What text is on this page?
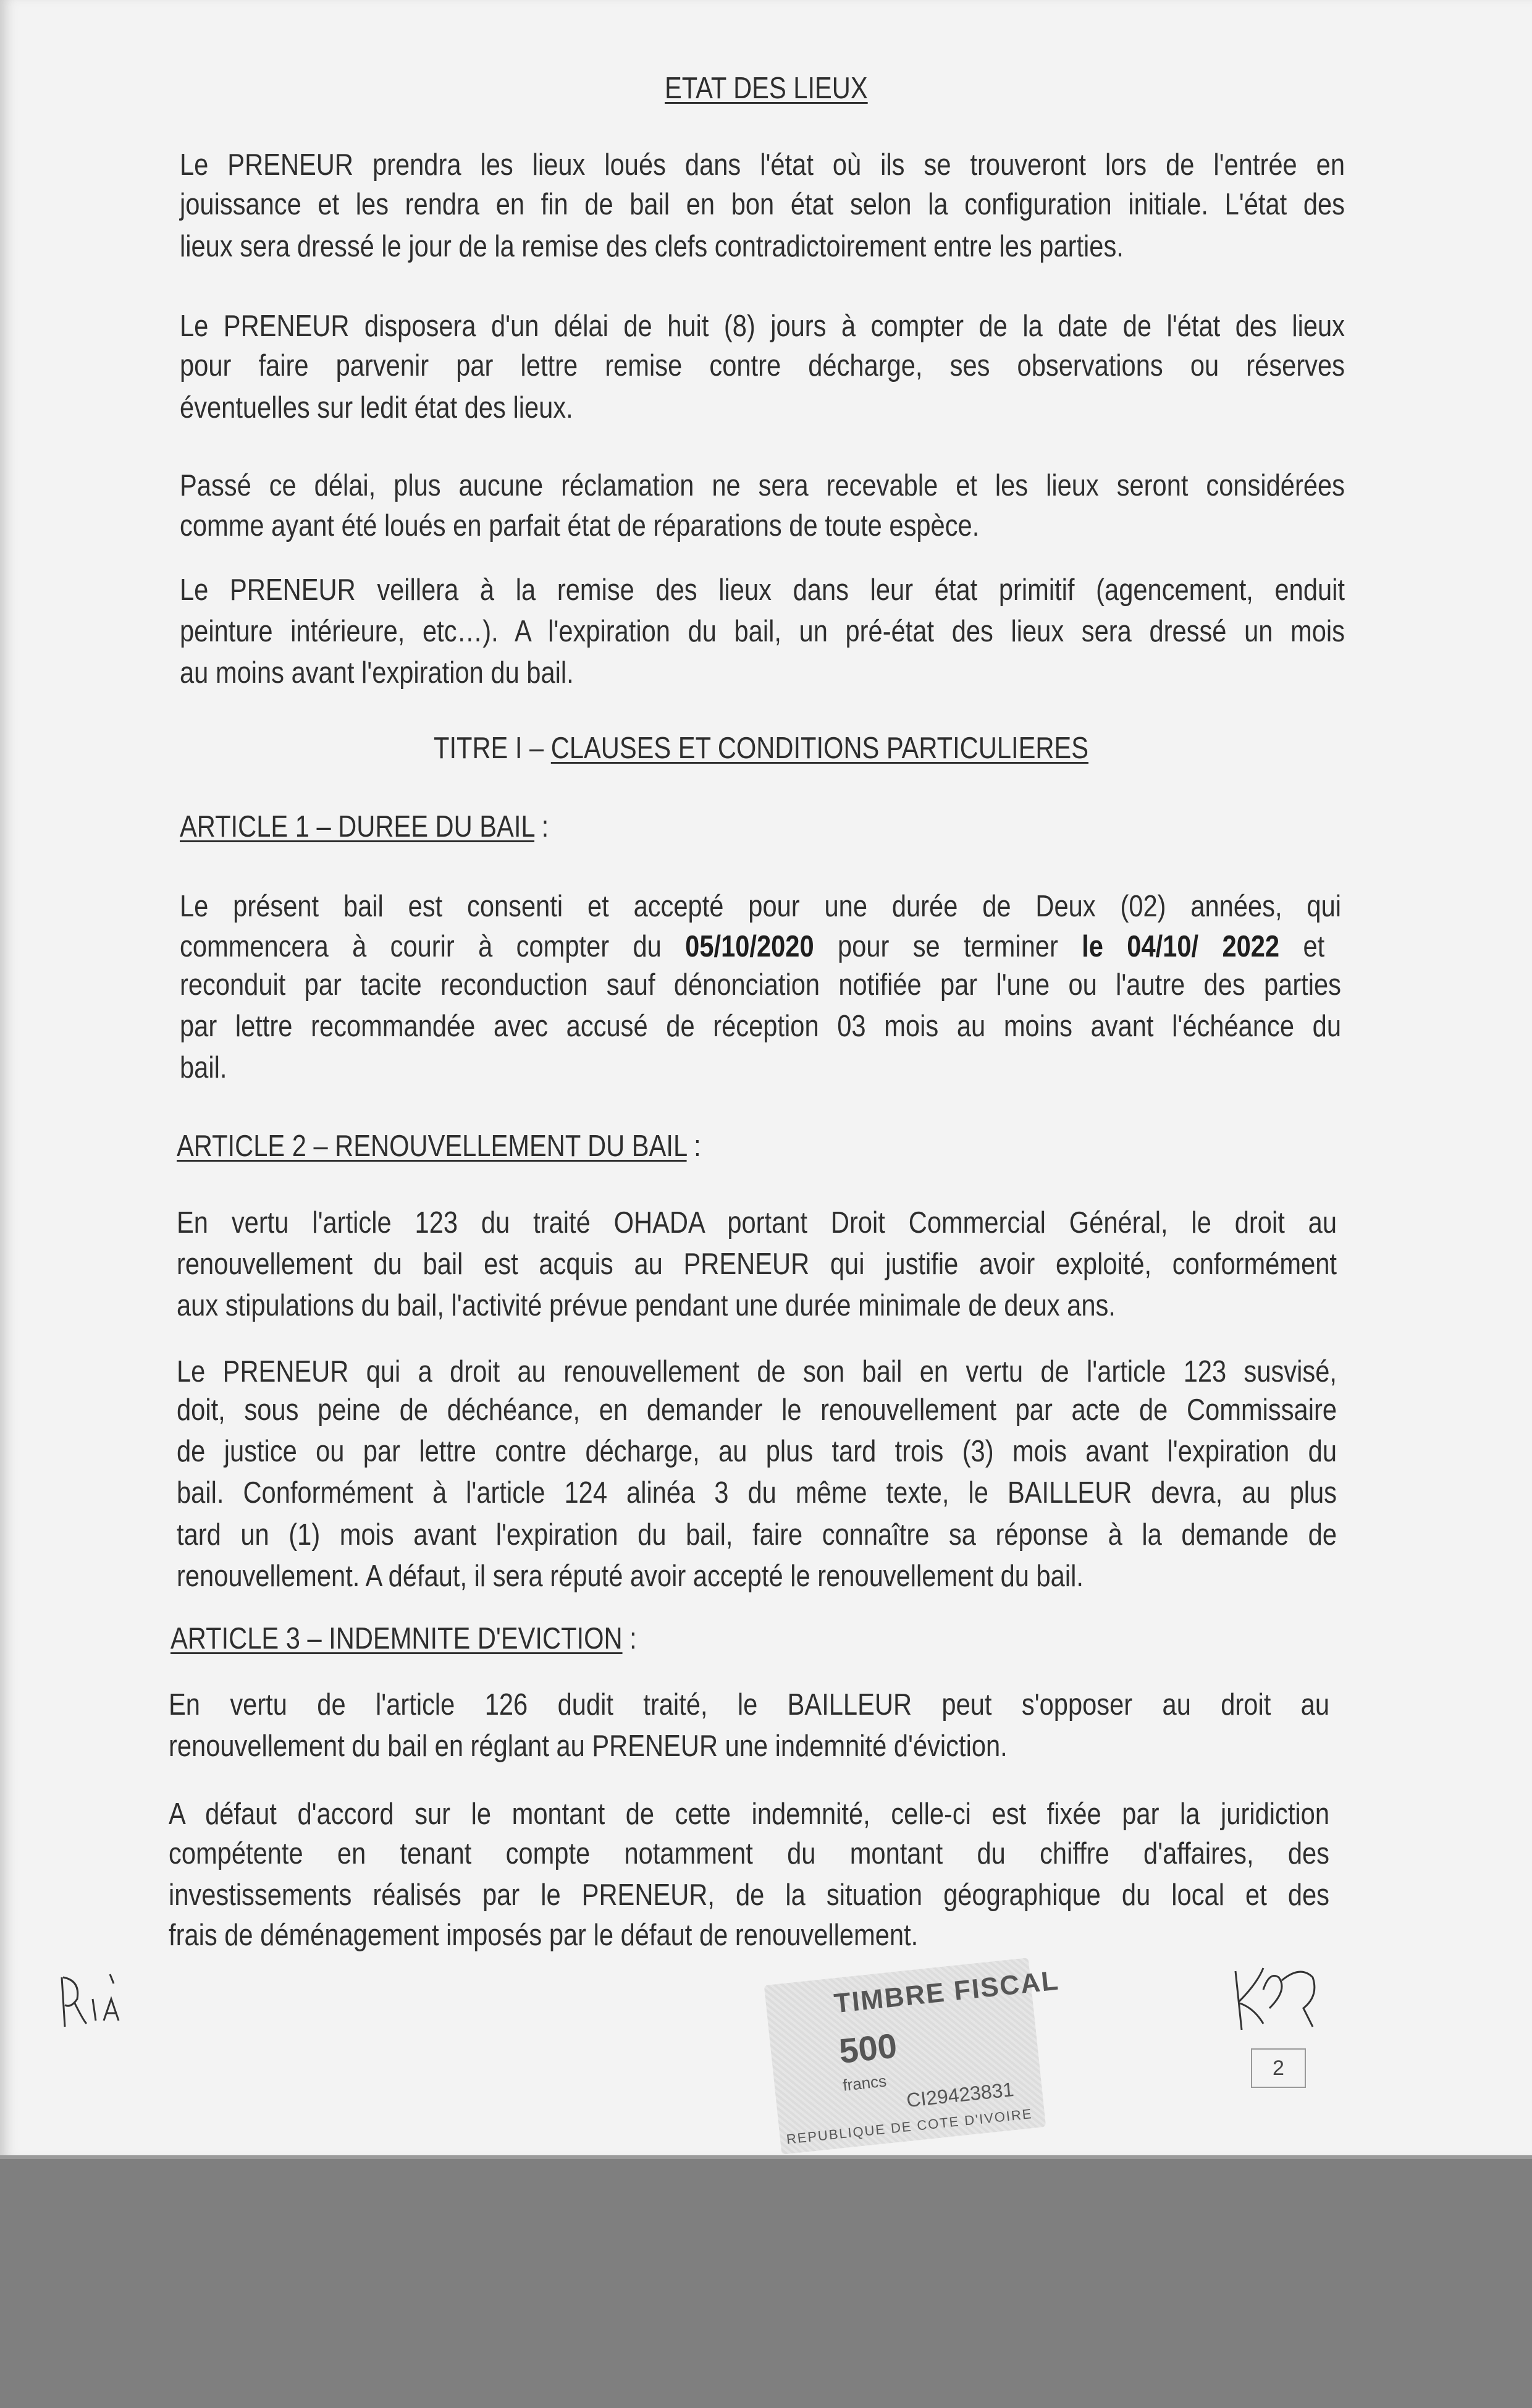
ETAT DES LIEUX
Le PRENEUR prendra les lieux loués dans l'état où ils se trouveront lors de l'entrée en
jouissance et les rendra en fin de bail en bon état selon la configuration initiale. L'état des
lieux sera dressé le jour de la remise des clefs contradictoirement entre les parties.
Le PRENEUR disposera d'un délai de huit (8) jours à compter de la date de l'état des lieux
pour faire parvenir par lettre remise contre décharge, ses observations ou réserves
éventuelles sur ledit état des lieux.
Passé ce délai, plus aucune réclamation ne sera recevable et les lieux seront considérées
comme ayant été loués en parfait état de réparations de toute espèce.
Le PRENEUR veillera à la remise des lieux dans leur état primitif (agencement, enduit
peinture intérieure, etc…). A l'expiration du bail, un pré-état des lieux sera dressé un mois
au moins avant l'expiration du bail.
TITRE I – CLAUSES ET CONDITIONS PARTICULIERES
ARTICLE 1 – DUREE DU BAIL :
Le présent bail est consenti et accepté pour une durée de Deux (02) années, qui
commencera à courir à compter du 05/10/2020 pour se terminer le 04/10/ 2022 et
reconduit par tacite reconduction sauf dénonciation notifiée par l'une ou l'autre des parties
par lettre recommandée avec accusé de réception 03 mois au moins avant l'échéance du
bail.
ARTICLE 2 – RENOUVELLEMENT DU BAIL :
En vertu l'article 123 du traité OHADA portant Droit Commercial Général, le droit au
renouvellement du bail est acquis au PRENEUR qui justifie avoir exploité, conformément
aux stipulations du bail, l'activité prévue pendant une durée minimale de deux ans.
Le PRENEUR qui a droit au renouvellement de son bail en vertu de l'article 123 susvisé,
doit, sous peine de déchéance, en demander le renouvellement par acte de Commissaire
de justice ou par lettre contre décharge, au plus tard trois (3) mois avant l'expiration du
bail. Conformément à l'article 124 alinéa 3 du même texte, le BAILLEUR devra, au plus
tard un (1) mois avant l'expiration du bail, faire connaître sa réponse à la demande de
renouvellement. A défaut, il sera réputé avoir accepté le renouvellement du bail.
ARTICLE 3 – INDEMNITE D'EVICTION :
En vertu de l'article 126 dudit traité, le BAILLEUR peut s'opposer au droit au
renouvellement du bail en réglant au PRENEUR une indemnité d'éviction.
A défaut d'accord sur le montant de cette indemnité, celle-ci est fixée par la juridiction
compétente en tenant compte notamment du montant du chiffre d'affaires, des
investissements réalisés par le PRENEUR, de la situation géographique du local et des
frais de déménagement imposés par le défaut de renouvellement.
TIMBRE FISCAL
500
francs CI29423831
REPUBLIQUE DE COTE D'IVOIRE
2
